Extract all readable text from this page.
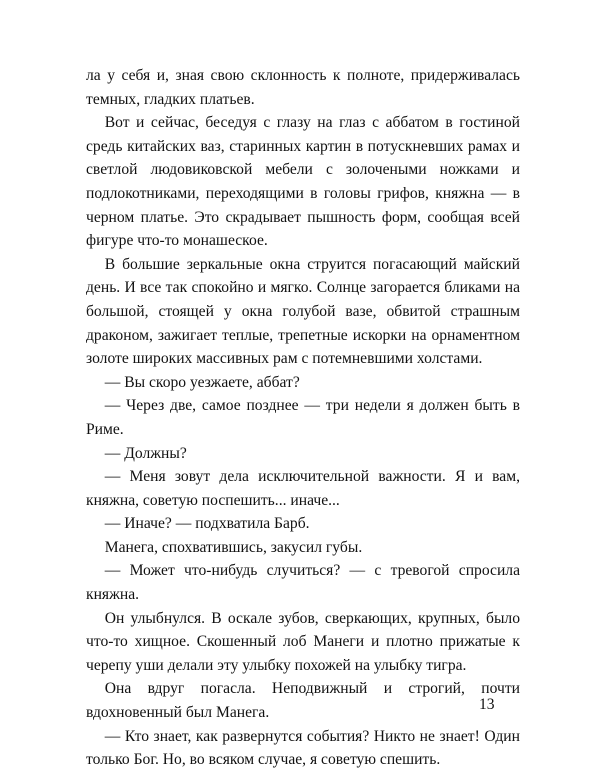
ла у себя и, зная свою склонность к полноте, придерживалась темных, гладких платьев.

Вот и сейчас, беседуя с глазу на глаз с аббатом в гостиной средь китайских ваз, старинных картин в потускневших рамах и светлой людовиковской мебели с золочеными ножками и подлокотниками, переходящими в головы грифов, княжна — в черном платье. Это скрадывает пышность форм, сообщая всей фигуре что-то монашеское.

В большие зеркальные окна струится погасающий майский день. И все так спокойно и мягко. Солнце загорается бликами на большой, стоящей у окна голубой вазе, обвитой страшным драконом, зажигает теплые, трепетные искорки на орнаментном золоте широких массивных рам с потемневшими холстами.

— Вы скоро уезжаете, аббат?

— Через две, самое позднее — три недели я должен быть в Риме.

— Должны?

— Меня зовут дела исключительной важности. Я и вам, княжна, советую поспешить... иначе...

— Иначе? — подхватила Барб.

Манега, спохватившись, закусил губы.

— Может что-нибудь случиться? — с тревогой спросила княжна.

Он улыбнулся. В оскале зубов, сверкающих, крупных, было что-то хищное. Скошенный лоб Манеги и плотно прижатые к черепу уши делали эту улыбку похожей на улыбку тигра.

Она вдруг погасла. Неподвижный и строгий, почти вдохновенный был Манега.

— Кто знает, как развернутся события? Никто не знает! Один только Бог. Но, во всяком случае, я советую спешить.

13
